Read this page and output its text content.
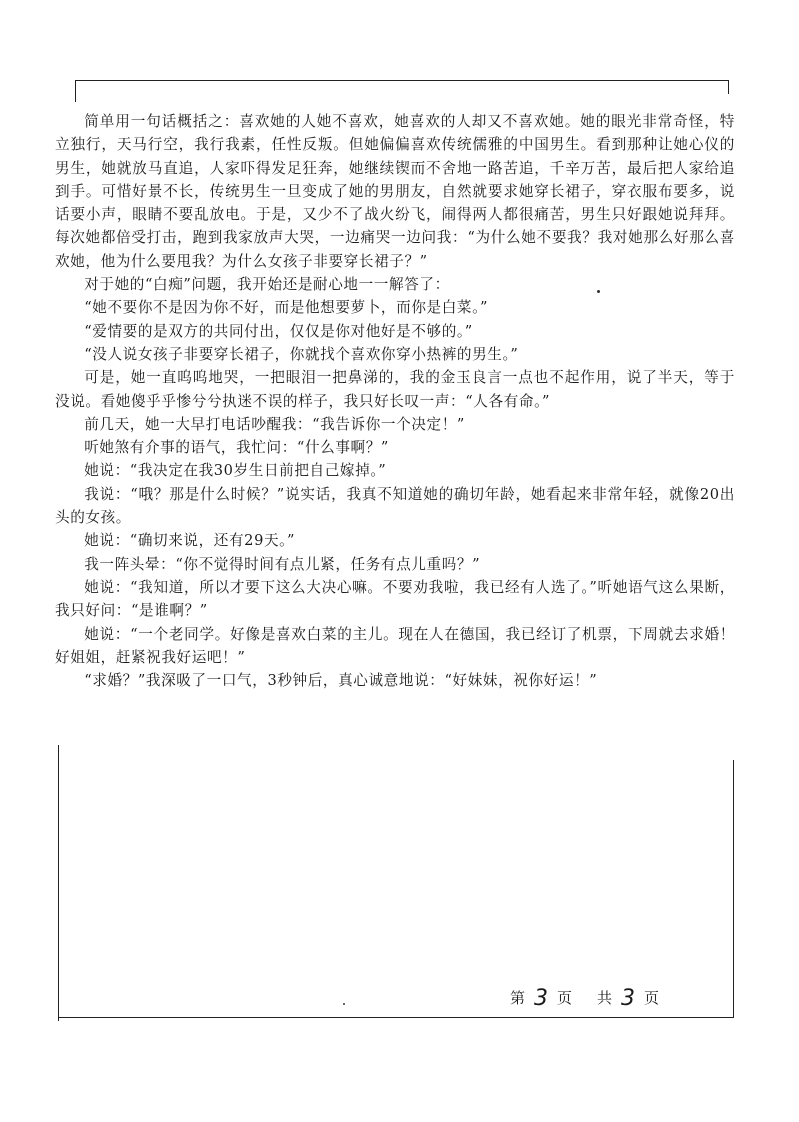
简单用一句话概括之：喜欢她的人她不喜欢，她喜欢的人却又不喜欢她。她的眼光非常奇怪，特立独行，天马行空，我行我素，任性反叛。但她偏偏喜欢传统儒雅的中国男生。看到那种让她心仪的男生，她就放马直追，人家吓得发足狂奔，她继续锲而不舍地一路苦追，千辛万苦，最后把人家给追到手。可惜好景不长，传统男生一旦变成了她的男朋友，自然就要求她穿长裙子，穿衣服布要多，说话要小声，眼睛不要乱放电。于是，又少不了战火纷飞，闹得两人都很痛苦，男生只好跟她说拜拜。每次她都倍受打击，跑到我家放声大哭，一边痛哭一边问我：“为什么她不要我？我对她那么好那么喜欢她，他为什么要甩我？为什么女孩子非要穿长裙子？”

对于她的“白痴”问题，我开始还是耐心地一一解答了：

“她不要你不是因为你不好，而是他想要萝卜，而你是白菜。”

“爱情要的是双方的共同付出，仅仅是你对他好是不够的。”

“没人说女孩子非要穿长裙子，你就找个喜欢你穿小热裤的男生。”

可是，她一直呜呜地哭，一把眼泪一把鼻涕的，我的金玉良言一点也不起作用，说了半天，等于没说。看她傻乎乎惨兮兮执迷不误的样子，我只好长叹一声：“人各有命。”

前几天，她一大早打电话吵醒我：“我告诉你一个决定！”

听她煞有介事的语气，我忙问：“什么事啊？”

她说：“我决定在我30岁生日前把自己嫁掉。”

我说：“哦？那是什么时候？”说实话，我真不知道她的确切年龄，她看起来非常年轻，就像20出头的女孩。

她说：“确切来说，还有29天。”

我一阵头晕：“你不觉得时间有点儿紧，任务有点儿重吗？”

她说：“我知道，所以才要下这么大决心嘛。不要劝我啦，我已经有人选了。”听她语气这么果断，我只好问：“是谁啊？”

她说：“一个老同学。好像是喜欢白菜的主儿。现在人在德国，我已经订了机票，下周就去求婚！好姐姐，赶紧祝我好运吧！”

“求婚？”我深吸了一口气，3秒钟后，真心诚意地说：“好妹妹，祝你好运！”

第 3 页 共 3 页
